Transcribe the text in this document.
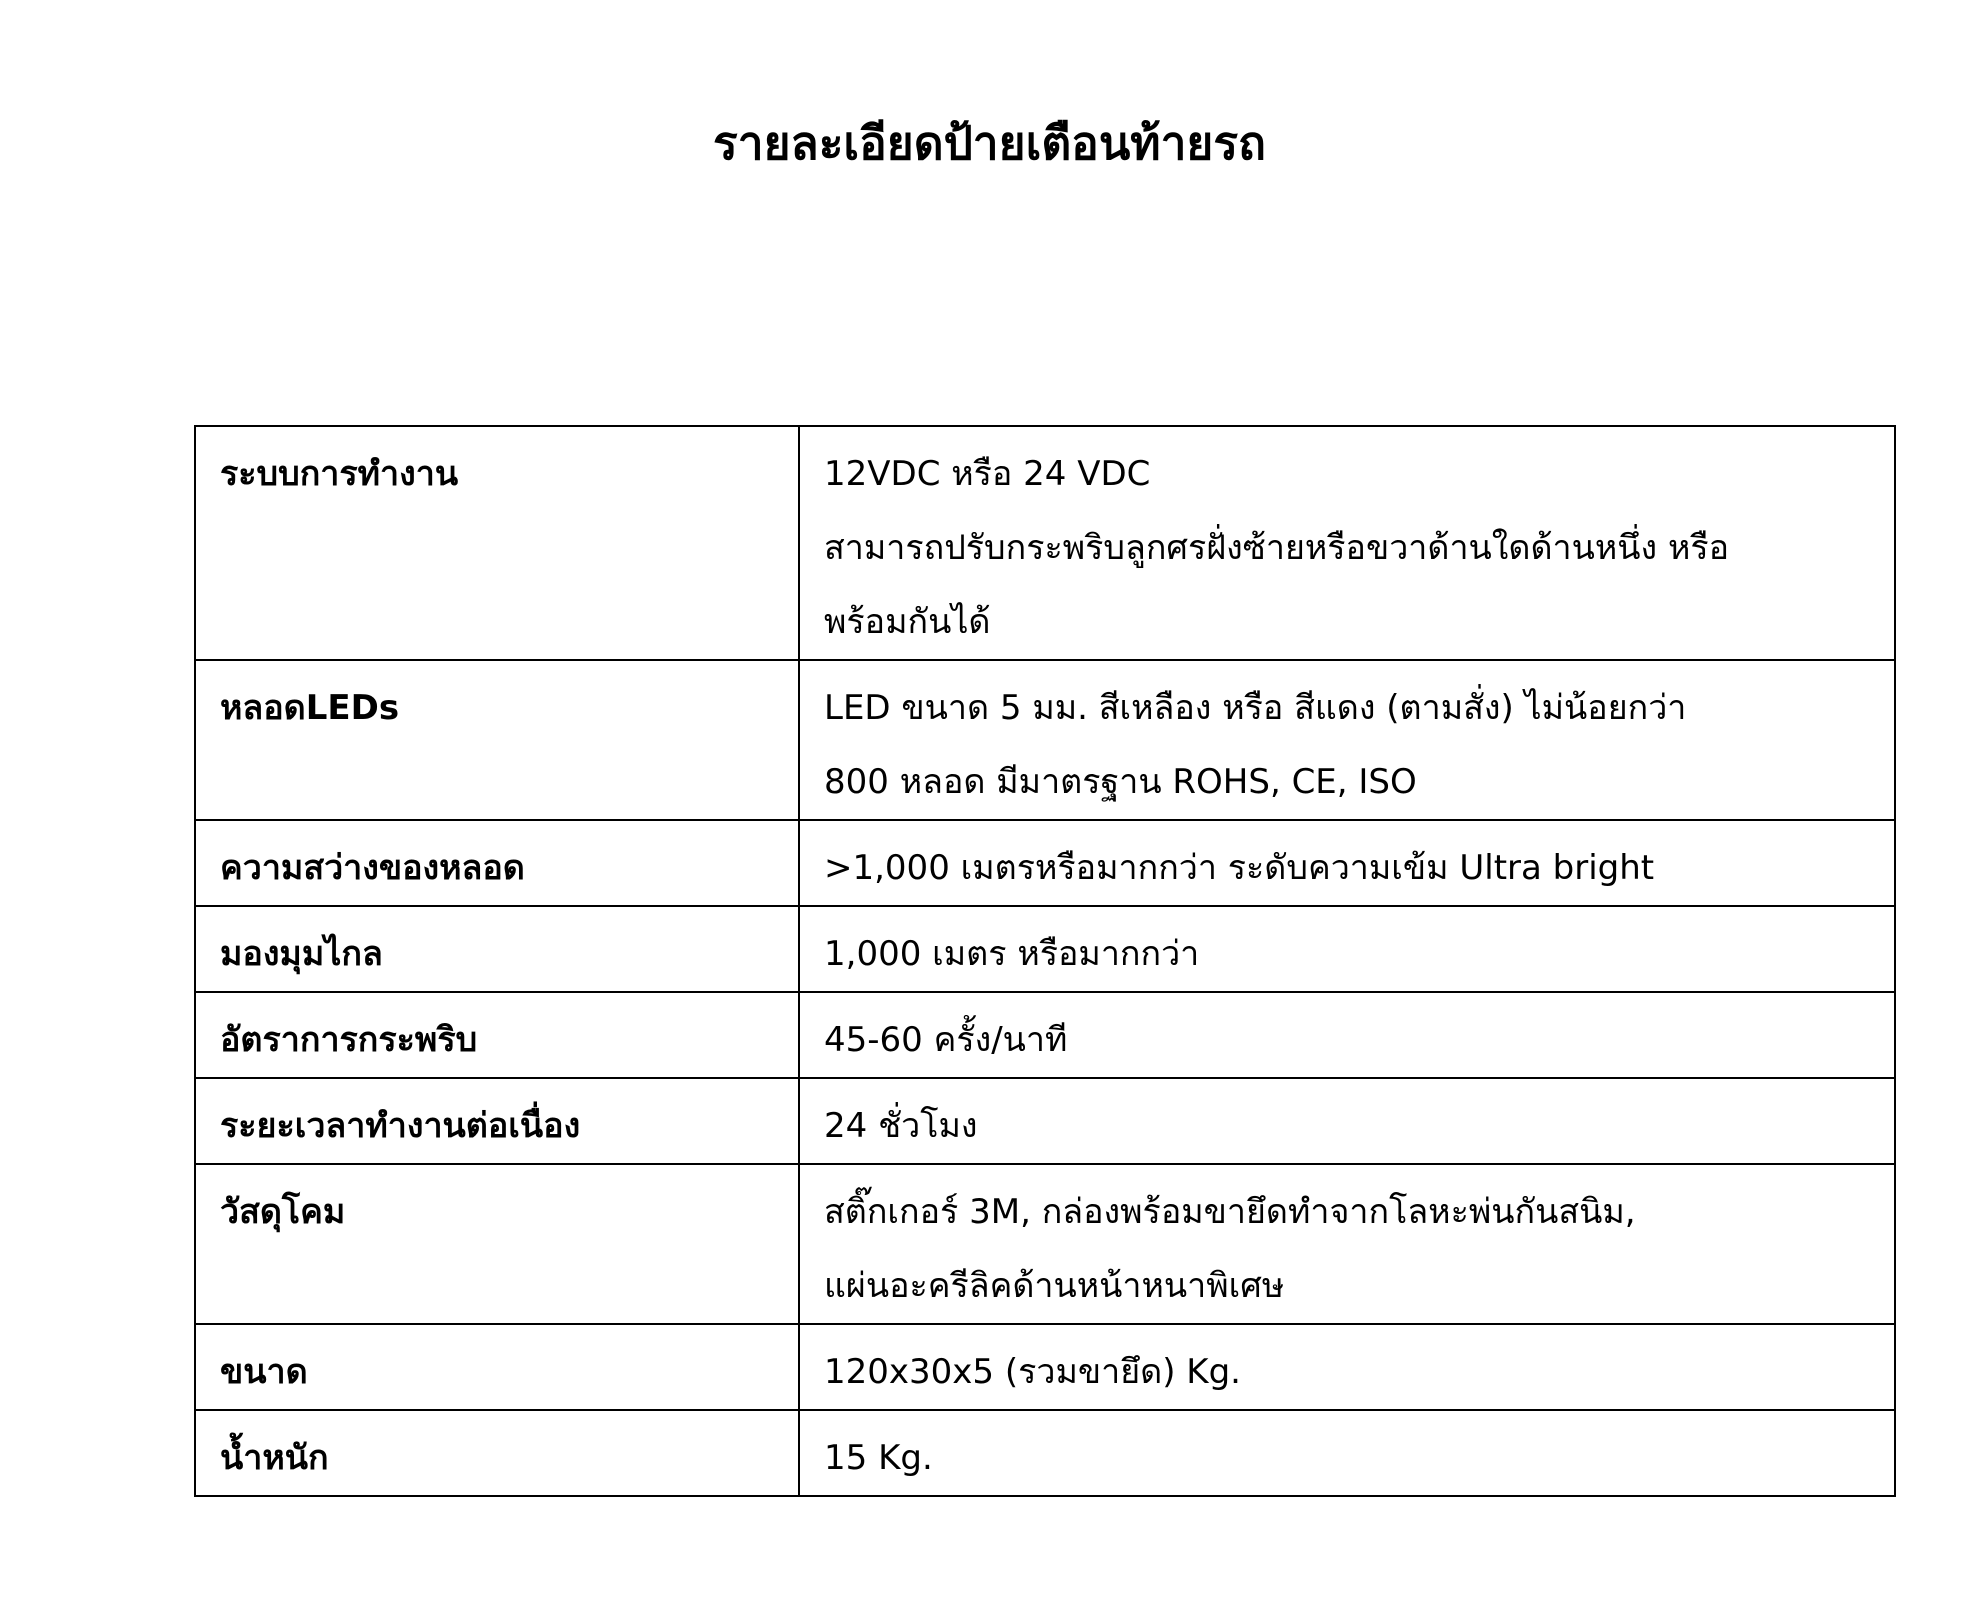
รายละเอียดป้ายเตือนท้ายรถ
ระบบการทำงาน	12VDC หรือ 24 VDC
สามารถปรับกระพริบลูกศรฝั่งซ้ายหรือขวาด้านใดด้านหนึ่ง หรือ
พร้อมกันได้

หลอดLEDs	LED ขนาด 5 มม. สีเหลือง หรือ สีแดง (ตามสั่ง) ไม่น้อยกว่า
800 หลอด มีมาตรฐาน ROHS, CE, ISO

ความสว่างของหลอด	>1,000 เมตรหรือมากกว่า ระดับความเข้ม Ultra bright

มองมุมไกล	1,000 เมตร หรือมากกว่า

อัตราการกระพริบ	45-60 ครั้ง/นาที

ระยะเวลาทำงานต่อเนื่อง	24 ชั่วโมง

วัสดุโคม	สติ๊กเกอร์ 3M, กล่องพร้อมขายึดทำจากโลหะพ่นกันสนิม,
แผ่นอะครีลิคด้านหน้าหนาพิเศษ

ขนาด	120x30x5 (รวมขายึด) Kg.

น้ำหนัก	15 Kg.
